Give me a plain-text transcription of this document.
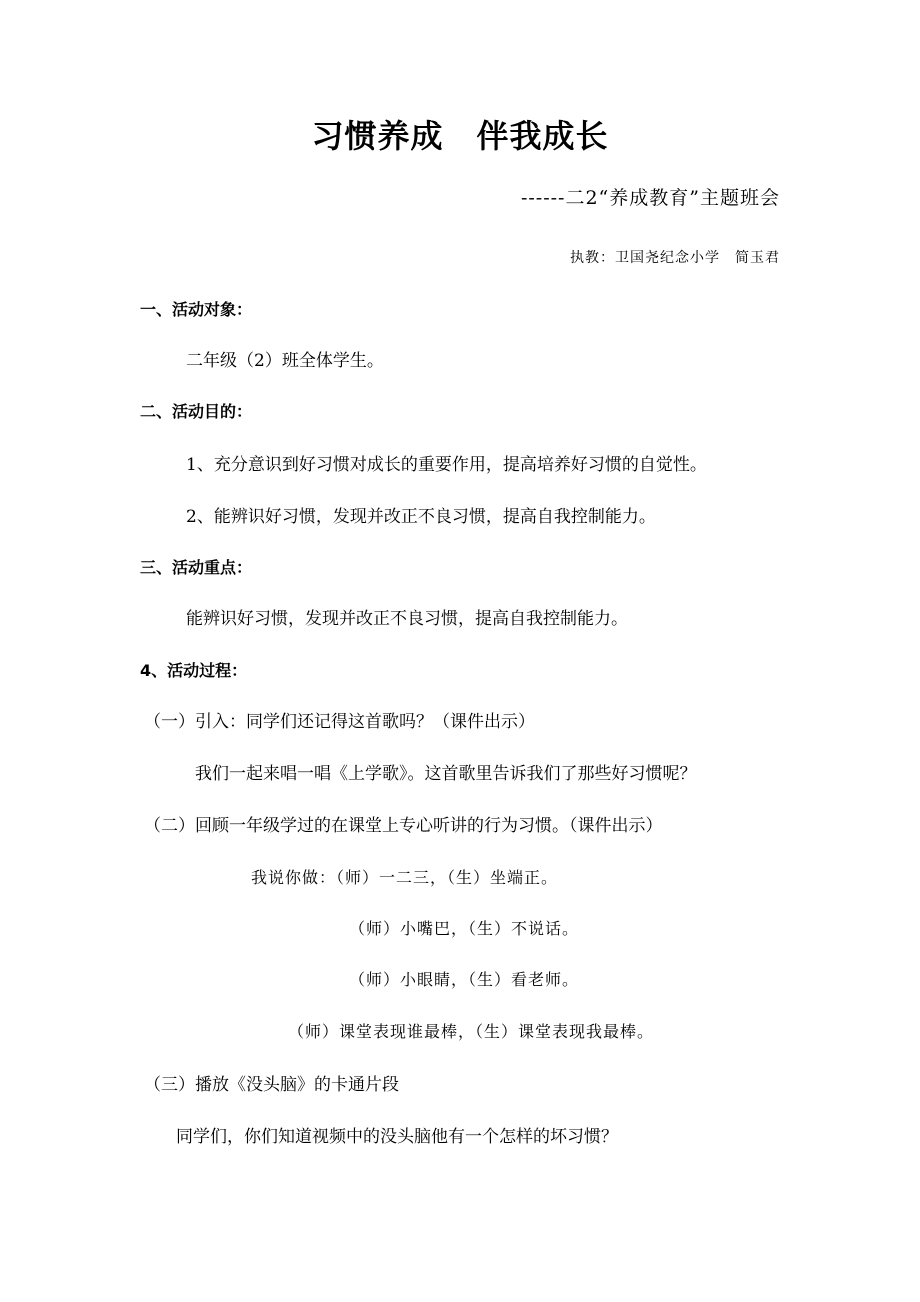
习惯养成　伴我成长
------二2“养成教育”主题班会
执教：卫国尧纪念小学　简玉君
一、活动对象：
二年级（2）班全体学生。
二、活动目的：
1、充分意识到好习惯对成长的重要作用，提高培养好习惯的自觉性。
2、能辨识好习惯，发现并改正不良习惯，提高自我控制能力。
三、活动重点：
能辨识好习惯，发现并改正不良习惯，提高自我控制能力。
4、活动过程：
（一）引入：同学们还记得这首歌吗？（课件出示）
我们一起来唱一唱《上学歌》。这首歌里告诉我们了那些好习惯呢？
（二）回顾一年级学过的在课堂上专心听讲的行为习惯。（课件出示）
我说你做：（师）一二三，（生）坐端正。
（师）小嘴巴，（生）不说话。
（师）小眼睛，（生）看老师。
（师）课堂表现谁最棒，（生）课堂表现我最棒。
（三）播放《没头脑》的卡通片段
同学们，你们知道视频中的没头脑他有一个怎样的坏习惯？
